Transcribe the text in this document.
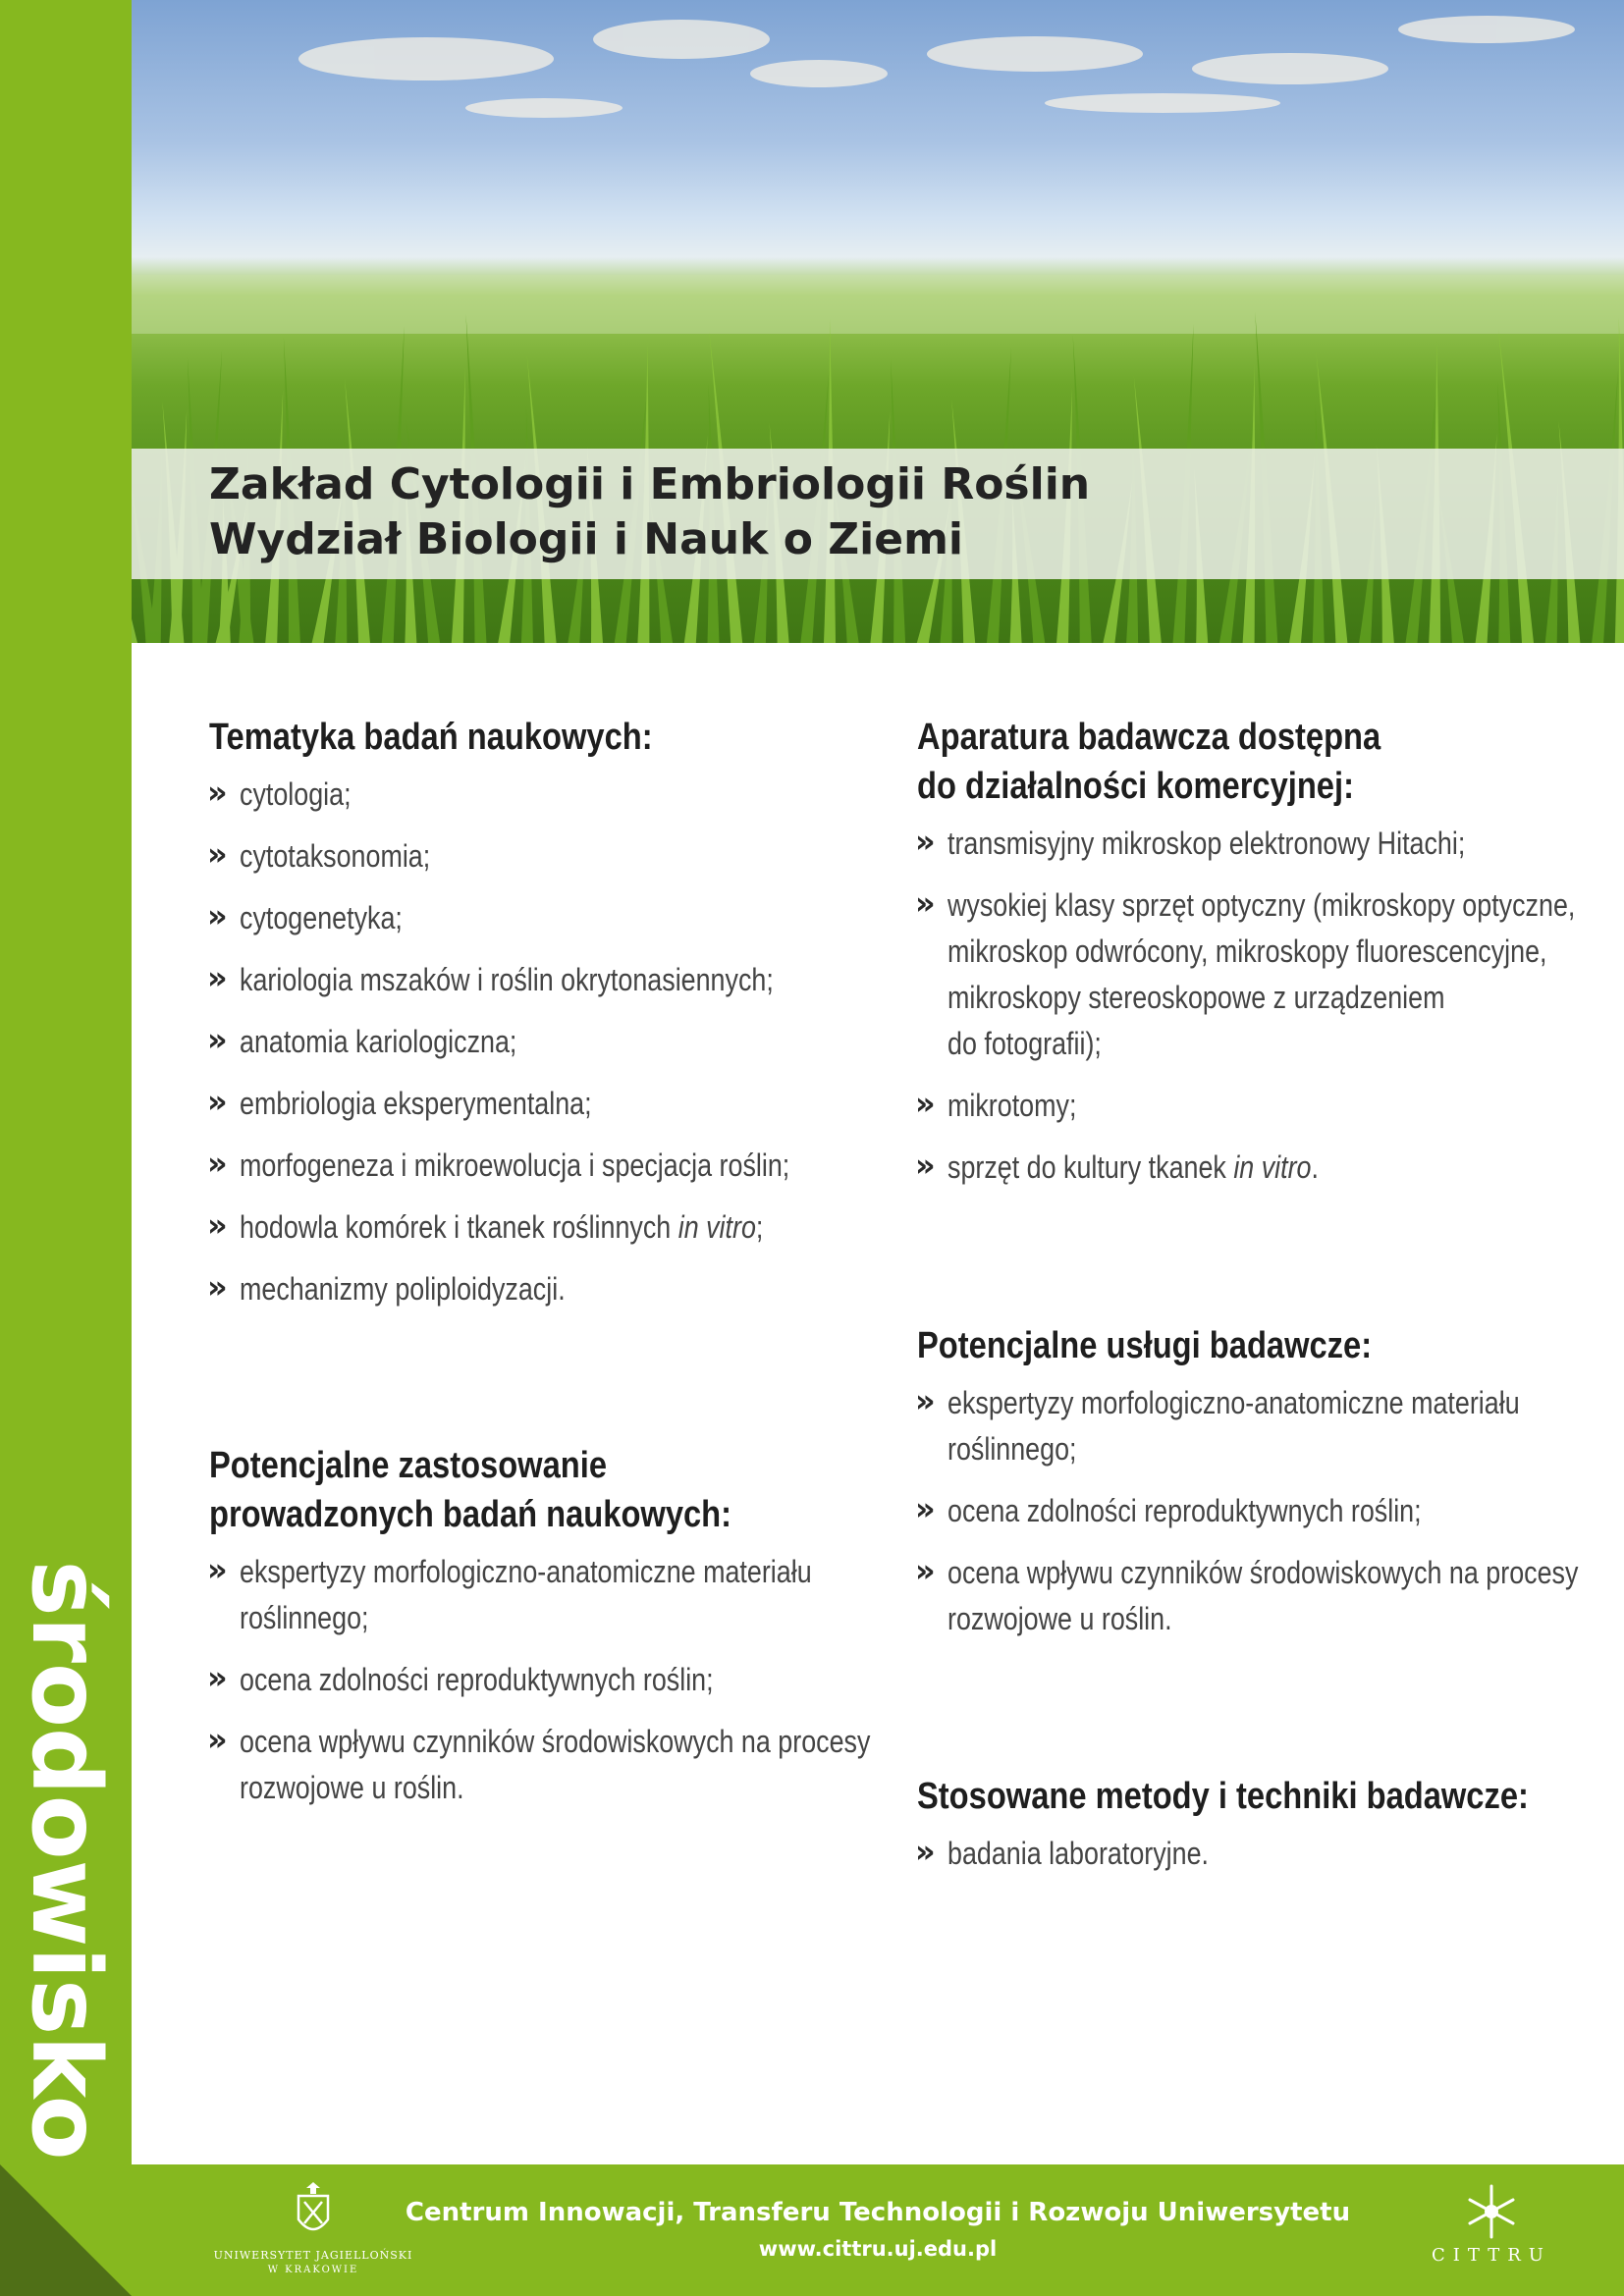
środowisko
Zakład Cytologii i Embriologii Roślin
Wydział Biologii i Nauk o Ziemi
Tematyka badań naukowych:
Potencjalne zastosowanie
prowadzonych badań naukowych:
Aparatura badawcza dostępna
do działalności komercyjnej:
Potencjalne usługi badawcze:
Stosowane metody i techniki badawcze:
UNIWERSYTET JAGIELLOŃSKI
W KRAKOWIE
Centrum Innowacji, Transferu Technologii i Rozwoju Uniwersytetu
www.cittru.uj.edu.pl	CITTRU
» cytologia;
» cytotaksonomia;
» cytogenetyka;
» kariologia mszaków i roślin okrytonasiennych;
» anatomia kariologiczna;
» embriologia eksperymentalna;
» morfogeneza i mikroewolucja i specjacja roślin;
» hodowla komórek i tkanek roślinnych in vitro;
» mechanizmy poliploidyzacji.
» ekspertyzy morfologiczno-anatomiczne materiału
roślinnego;
» ocena zdolności reproduktywnych roślin;
» ocena wpływu czynników środowiskowych na procesy
rozwojowe u roślin.
» transmisyjny mikroskop elektronowy Hitachi;
» wysokiej klasy sprzęt optyczny (mikroskopy optyczne,
mikroskop odwrócony, mikroskopy fluorescencyjne,
mikroskopy stereoskopowe z urządzeniem
do fotografii);
» mikrotomy;
» sprzęt do kultury tkanek in vitro.
» ekspertyzy morfologiczno-anatomiczne materiału
roślinnego;
» ocena zdolności reproduktywnych roślin;
» ocena wpływu czynników środowiskowych na procesy
rozwojowe u roślin.
» badania laboratoryjne.
